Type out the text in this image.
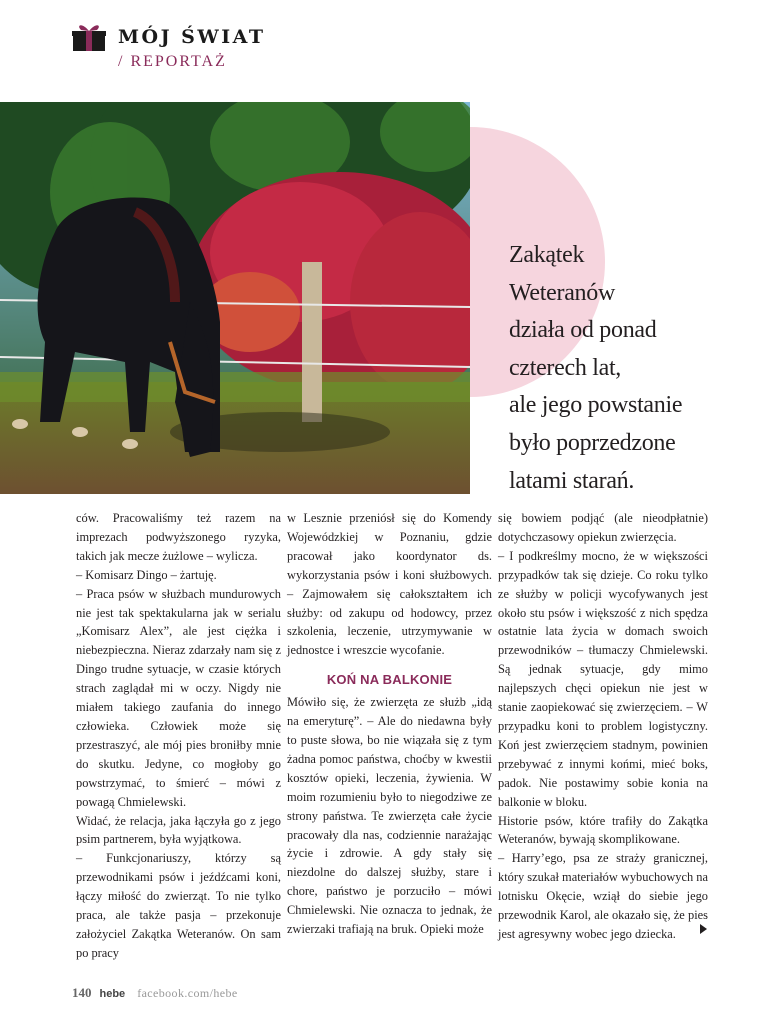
MÓJ ŚWIAT
/ REPORTAŻ
Zakątek
Weteranów
działa od ponad
czterech lat,
ale jego powstanie
było poprzedzone
latami starań.

ców. Pracowaliśmy też razem na imprezach podwyższonego ryzyka, takich jak mecze żużlowe – wylicza.

– Komisarz Dingo – żartuję.

– Praca psów w służbach mundurowych nie jest tak spektakularna jak w serialu „Komisarz Alex”, ale jest ciężka i niebezpieczna. Nieraz zdarzały nam się z Dingo trudne sytuacje, w czasie których strach zaglądał mi w oczy. Nigdy nie miałem takiego zaufania do innego człowieka. Człowiek może się przestraszyć, ale mój pies broniłby mnie do skutku. Jedyne, co mogłoby go powstrzymać, to śmierć – mówi z powagą Chmielewski.

Widać, że relacja, jaka łączyła go z jego psim partnerem, była wyjątkowa.

– Funkcjonariuszy, którzy są przewodnikami psów i jeźdźcami koni, łączy miłość do zwierząt. To nie tylko praca, ale także pasja – przekonuje założyciel Zakątka Weteranów. On sam po pracy

w Lesznie przeniósł się do Komendy Wojewódzkiej w Poznaniu, gdzie pracował jako koordynator ds. wykorzystania psów i koni służbowych. – Zajmowałem się całokształtem ich służby: od zakupu od hodowcy, przez szkolenia, leczenie, utrzymywanie w jednostce i wreszcie wycofanie.

KOŃ NA BALKONIE

Mówiło się, że zwierzęta ze służb „idą na emeryturę”. – Ale do niedawna były to puste słowa, bo nie wiązała się z tym żadna pomoc państwa, choćby w kwestii kosztów opieki, leczenia, żywienia. W moim rozumieniu było to niegodziwe ze strony państwa. Te zwierzęta całe życie pracowały dla nas, codziennie narażając życie i zdrowie. A gdy stały się niezdolne do dalszej służby, stare i chore, państwo je porzuciło – mówi Chmielewski. Nie oznacza to jednak, że zwierzaki trafiają na bruk. Opieki może

się bowiem podjąć (ale nieodpłatnie) dotychczasowy opiekun zwierzęcia.

– I podkreślmy mocno, że w większości przypadków tak się dzieje. Co roku tylko ze służby w policji wycofywanych jest około stu psów i większość z nich spędza ostatnie lata życia w domach swoich przewodników – tłumaczy Chmielewski. Są jednak sytuacje, gdy mimo najlepszych chęci opiekun nie jest w stanie zaopiekować się zwierzęciem. – W przypadku koni to problem logistyczny. Koń jest zwierzęciem stadnym, powinien przebywać z innymi końmi, mieć boks, padok. Nie postawimy sobie konia na balkonie w bloku.

Historie psów, które trafiły do Zakątka Weteranów, bywają skomplikowane.

– Harry’ego, psa ze straży granicznej, który szukał materiałów wybuchowych na lotnisku Okęcie, wziął do siebie jego przewodnik Karol, ale okazało się, że pies jest agresywny wobec jego dziecka.

140 hebe facebook.com/hebe
